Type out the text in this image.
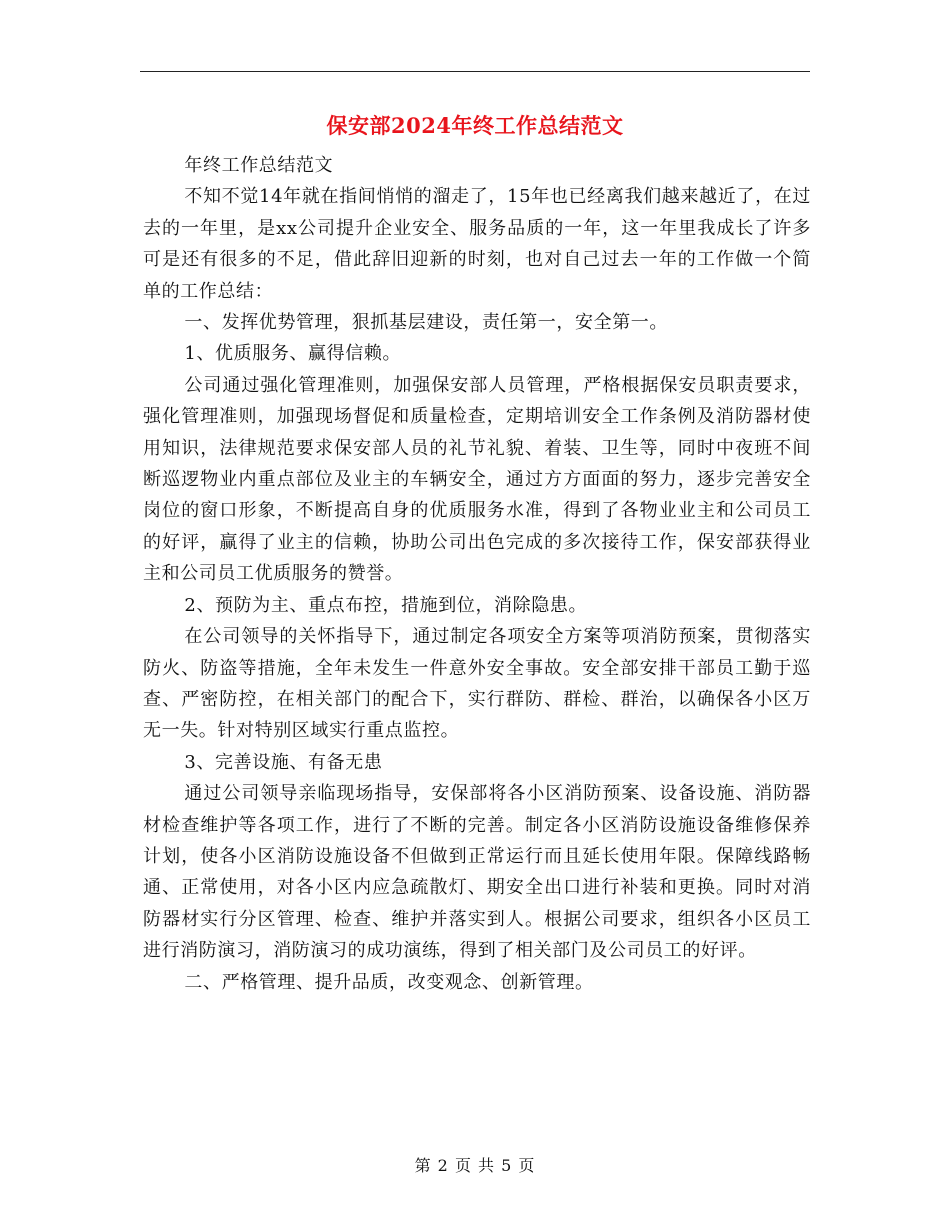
保安部2024年终工作总结范文

年终工作总结范文

不知不觉14年就在指间悄悄的溜走了，15年也已经离我们越来越近了，在过去的一年里，是xx公司提升企业安全、服务品质的一年，这一年里我成长了许多可是还有很多的不足，借此辞旧迎新的时刻，也对自己过去一年的工作做一个简单的工作总结：

一、发挥优势管理，狠抓基层建设，责任第一，安全第一。

1、优质服务、赢得信赖。

公司通过强化管理准则，加强保安部人员管理，严格根据保安员职责要求，强化管理准则，加强现场督促和质量检查，定期培训安全工作条例及消防器材使用知识，法律规范要求保安部人员的礼节礼貌、着装、卫生等，同时中夜班不间断巡逻物业内重点部位及业主的车辆安全，通过方方面面的努力，逐步完善安全岗位的窗口形象，不断提高自身的优质服务水准，得到了各物业业主和公司员工的好评，赢得了业主的信赖，协助公司出色完成的多次接待工作，保安部获得业主和公司员工优质服务的赞誉。

2、预防为主、重点布控，措施到位，消除隐患。

在公司领导的关怀指导下，通过制定各项安全方案等项消防预案，贯彻落实防火、防盗等措施，全年未发生一件意外安全事故。安全部安排干部员工勤于巡查、严密防控，在相关部门的配合下，实行群防、群检、群治，以确保各小区万无一失。针对特别区域实行重点监控。

3、完善设施、有备无患

通过公司领导亲临现场指导，安保部将各小区消防预案、设备设施、消防器材检查维护等各项工作，进行了不断的完善。制定各小区消防设施设备维修保养计划，使各小区消防设施设备不但做到正常运行而且延长使用年限。保障线路畅通、正常使用，对各小区内应急疏散灯、期安全出口进行补装和更换。同时对消防器材实行分区管理、检查、维护并落实到人。根据公司要求，组织各小区员工进行消防演习，消防演习的成功演练，得到了相关部门及公司员工的好评。

二、严格管理、提升品质，改变观念、创新管理。

第 2 页 共 5 页
